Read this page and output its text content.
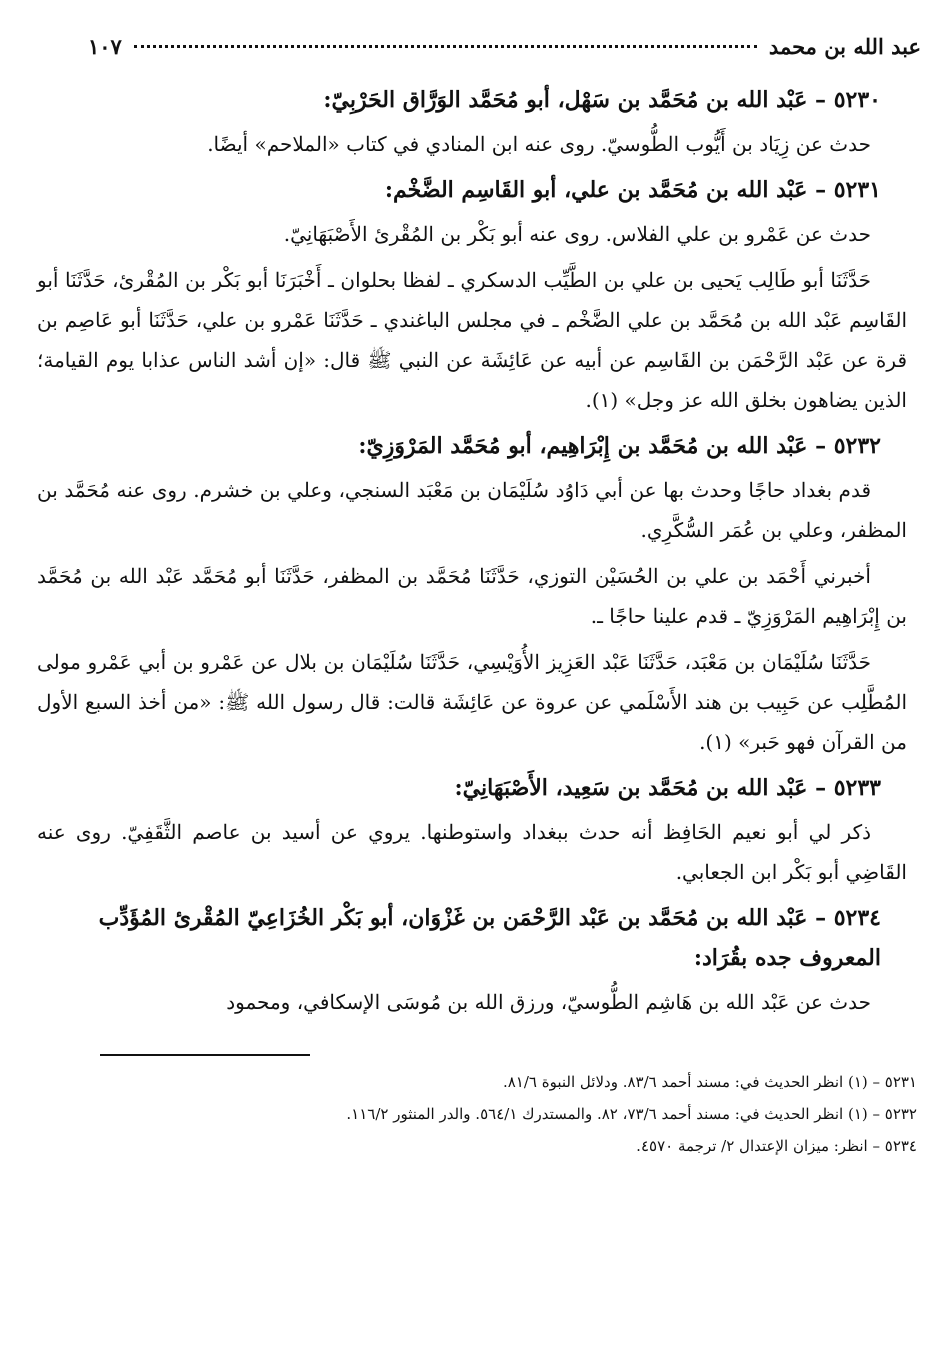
عبد الله بن محمد
١٠٧
٥٢٣٠ – عَبْد الله بن مُحَمَّد بن سَهْل، أبو مُحَمَّد الوَرَّاق الحَرْبِيّ:

حدث عن زِيَاد بن أَيُّوب الطُّوسيّ. روى عنه ابن المنادي في كتاب «الملاحم» أيضًا.

٥٢٣١ – عَبْد الله بن مُحَمَّد بن علي، أبو القَاسِم الضَّخْم:

حدث عن عَمْرو بن علي الفلاس. روى عنه أبو بَكْر بن المُقْرئ الأَصْبَهَانِيّ.

حَدَّثَنَا أبو طَالِب يَحيى بن علي بن الطَّيِّب الدسكري ـ لفظا بحلوان ـ أَخْبَرَنَا أبو بَكْر بن المُقْرئ، حَدَّثَنَا أبو القَاسِم عَبْد الله بن مُحَمَّد بن علي الضَّخْم ـ في مجلس الباغندي ـ حَدَّثَنَا عَمْرو بن علي، حَدَّثَنَا أبو عَاصِم بن قرة عن عَبْد الرَّحْمَن بن القَاسِم عن أبيه عن عَائِشَة عن النبي ﷺ قال: «إن أشد الناس عذابا يوم القيامة؛ الذين يضاهون بخلق الله عز وجل» (١).

٥٢٣٢ – عَبْد الله بن مُحَمَّد بن إِبْرَاهِيم، أبو مُحَمَّد المَرْوَزِيّ:

قدم بغداد حاجًا وحدث بها عن أبي دَاوُد سُلَيْمَان بن مَعْبَد السنجي، وعلي بن خشرم. روى عنه مُحَمَّد بن المظفر، وعلي بن عُمَر السُّكَّرِي.

أخبرني أَحْمَد بن علي بن الحُسَيْن التوزي، حَدَّثَنَا مُحَمَّد بن المظفر، حَدَّثَنَا أبو مُحَمَّد عَبْد الله بن مُحَمَّد بن إِبْرَاهِيم المَرْوَزِيّ ـ قدم علينا حاجًا ـ.

حَدَّثَنَا سُلَيْمَان بن مَعْبَد، حَدَّثَنَا عَبْد العَزِيز الأُوَيْسِي، حَدَّثَنَا سُلَيْمَان بن بلال عن عَمْرو بن أبي عَمْرو مولى المُطَّلِب عن حَبِيب بن هند الأَسْلَمي عن عروة عن عَائِشَة قالت: قال رسول الله ﷺ: «من أخذ السبع الأول من القرآن فهو حَبر» (١).

٥٢٣٣ – عَبْد الله بن مُحَمَّد بن سَعِيد، الأَصْبَهَانِيّ:

ذكر لي أبو نعيم الحَافِظ أنه حدث ببغداد واستوطنها. يروي عن أسيد بن عاصم الثَّقَفِيّ. روى عنه القَاضِي أبو بَكْر ابن الجعابي.

٥٢٣٤ – عَبْد الله بن مُحَمَّد بن عَبْد الرَّحْمَن بن غَزْوَان، أبو بَكْر الخُزَاعِيّ المُقْرئ المُؤَدِّب المعروف جده بقُرَاد:

حدث عن عَبْد الله بن هَاشِم الطُّوسيّ، ورزق الله بن مُوسَى الإسكافي، ومحمود

٥٢٣١ – (١) انظر الحديث في: مسند أحمد ٨٣/٦. ودلائل النبوة ٨١/٦.
٥٢٣٢ – (١) انظر الحديث في: مسند أحمد ٧٣/٦، ٨٢. والمستدرك ٥٦٤/١. والدر المنثور ١١٦/٢.
٥٢٣٤ – انظر: ميزان الإعتدال ٢/ ترجمة ٤٥٧٠.
